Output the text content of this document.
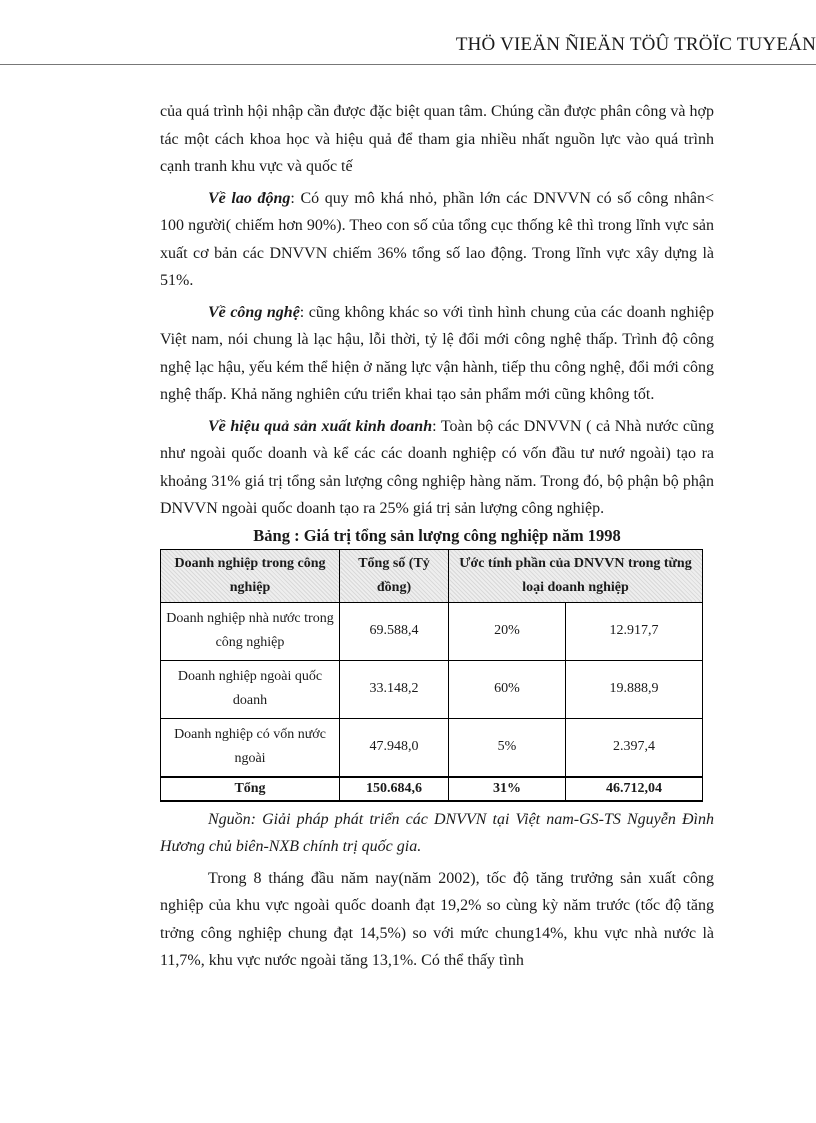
THÖ VIEÄN ÑIEÄN TÖÛ TRÖÏC TUYEÁN

của quá trình hội nhập cần được đặc biệt quan tâm. Chúng cần được phân công và hợp tác một cách khoa học và hiệu quả để tham gia nhiều nhất nguồn lực vào quá trình cạnh tranh khu vực và quốc tế

Về lao động: Có quy mô khá nhỏ, phần lớn các DNVVN có số công nhân< 100 người( chiếm hơn 90%). Theo con số của tổng cục thống kê thì trong lĩnh vực sản xuất cơ bản các DNVVN chiếm 36% tổng số lao động. Trong lĩnh vực xây dựng là 51%.

Về công nghệ: cũng không khác so với tình hình chung của các doanh nghiệp Việt nam, nói chung là lạc hậu, lỗi thời, tỷ lệ đổi mới công nghệ thấp. Trình độ công nghệ lạc hậu, yếu kém thể hiện ở năng lực vận hành, tiếp thu công nghệ, đổi mới công nghệ thấp. Khả năng nghiên cứu triển khai tạo sản phẩm mới cũng không tốt.

Về hiệu quả sản xuất kinh doanh: Toàn bộ các DNVVN ( cả Nhà nước cũng như ngoài quốc doanh và kể các các doanh nghiệp có vốn đầu tư nướ ngoài) tạo ra khoảng 31% giá trị tổng sản lượng công nghiệp hàng năm. Trong đó, bộ phận bộ phận DNVVN ngoài quốc doanh tạo ra 25% giá trị sản lượng công nghiệp.

Bảng : Giá trị tổng sản lượng công nghiệp năm 1998
Doanh nghiệp trong công nghiệp	Tổng số (Tỷ đồng)	Ước tính phần của DNVVN trong từng loại doanh nghiệp	
Doanh nghiệp nhà nước trong công nghiệp	69.588,4	20%	12.917,7
Doanh nghiệp ngoài quốc doanh	33.148,2	60%	19.888,9
Doanh nghiệp có vốn nước ngoài	47.948,0	5%	2.397,4
Tổng	150.684,6	31%	46.712,04

Nguồn: Giải pháp phát triển các DNVVN tại Việt nam-GS-TS Nguyễn Đình Hương chủ biên-NXB chính trị quốc gia.

Trong 8 tháng đầu năm nay(năm 2002), tốc độ tăng trưởng sản xuất công nghiệp của khu vực ngoài quốc doanh đạt 19,2% so cùng kỳ năm trước (tốc độ tăng trởng công nghiệp chung đạt 14,5%) so với mức chung14%, khu vực nhà nước là 11,7%, khu vực nước ngoài tăng 13,1%. Có thể thấy tình
